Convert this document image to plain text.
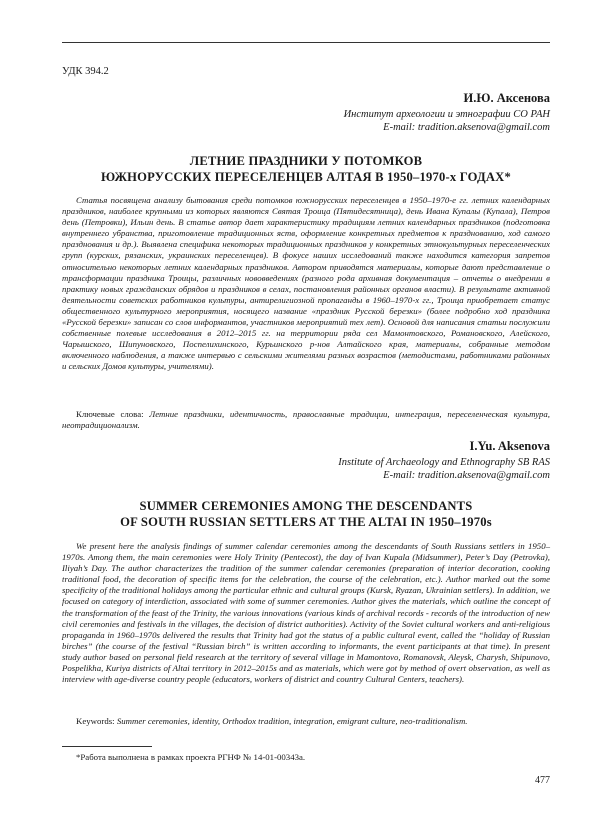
УДК 394.2
И.Ю. Аксенова
Институт археологии и этнографии СО РАН
E-mail: tradition.aksenova@gmail.com
ЛЕТНИЕ ПРАЗДНИКИ У ПОТОМКОВ
ЮЖНОРУССКИХ ПЕРЕСЕЛЕНЦЕВ АЛТАЯ В 1950–1970-х ГОДАХ*

Статья посвящена анализу бытования среди потомков южнорусских переселенцев в 1950–1970-е гг. летних календарных праздников, наиболее крупными из которых являются Святая Троица (Пятидесятница), день Ивана Купалы (Купала), Петров день (Петровки), Ильин день. В статье автор дает характеристику традициям летних календарных праздников (подготовка внутреннего убранства, приготовление традиционных яств, оформление конкретных предметов к празднованию, ход самого празднования и др.). Выявлена специфика некоторых традиционных праздников у конкретных этнокультурных переселенческих групп (курских, рязанских, украинских переселенцев). В фокусе наших исследований также находится категория запретов относительно некоторых летних календарных праздников. Автором приводятся материалы, которые дают представление о трансформации праздника Троицы, различных нововведениях (разного рода архивная документация – отчеты о внедрении в практику новых гражданских обрядов и праздников в селах, постановления районных органов власти). В результате активной деятельности советских работников культуры, антирелигиозной пропаганды в 1960–1970-х гг., Троица приобретает статус общественного культурного мероприятия, носящего название «праздник Русской березки» (более подробно ход праздника «Русской березки» записан со слов информантов, участников мероприятий тех лет). Основой для написания статьи послужили собственные полевые исследования в 2012–2015 гг. на территории ряда сел Мамонтовского, Романовского, Алейского, Чарышского, Шипуновского, Поспелихинского, Курьинского р-нов Алтайского края, материалы, собранные методом включенного наблюдения, а также интервью с сельскими жителями разных возрастов (методистами, работниками районных и сельских Домов культуры, учителями).

Ключевые слова: Летние праздники, идентичность, православные традиции, интеграция, переселенческая культура, неотрадиционализм.

I.Yu. Aksenova
Institute of Archaeology and Ethnography SB RAS
E-mail: tradition.aksenova@gmail.com
SUMMER CEREMONIES AMONG THE DESCENDANTS
OF SOUTH RUSSIAN SETTLERS AT THE ALTAI IN 1950–1970s

We present here the analysis findings of summer calendar ceremonies among the descendants of South Russians settlers in 1950–1970s. Among them, the main ceremonies were Holy Trinity (Pentecost), the day of Ivan Kupala (Midsummer), Peter’s Day (Petrovka), Iliyah’s Day. The author characterizes the tradition of the summer calendar ceremonies (preparation of interior decoration, cooking traditional food, the decoration of specific items for the celebration, the course of the celebration, etc.). Author marked out the some specificity of the traditional holidays among the particular ethnic and cultural groups (Kursk, Ryazan, Ukrainian settlers). In addition, we focused on category of interdiction, associated with some of summer ceremonies. Author gives the materials, which outline the concept of the transformation of the feast of the Trinity, the various innovations (various kinds of archival records - records of the introduction of new civil ceremonies and festivals in the villages, the decision of district authorities). Activity of the Soviet cultural workers and anti-religious propaganda in 1960–1970s delivered the results that Trinity had got the status of a public cultural event, called the “holiday of Russian birches” (the course of the festival “Russian birch” is written according to informants, the event participants at that time). In present study author based on personal field research at the territory of several village in Mamontovo, Romanovsk, Aleysk, Charysh, Shipunovo, Pospelikha, Kuriya districts of Altai territory in 2012–2015s and as materials, which were got by method of overt observation, as well as interview with age-diverse country people (educators, workers of district and country Cultural Centers, teachers).

Keywords: Summer ceremonies, identity, Orthodox tradition, integration, emigrant culture, neo-traditionalism.

*Работа выполнена в рамках проекта РГНФ № 14-01-00343а.
477
